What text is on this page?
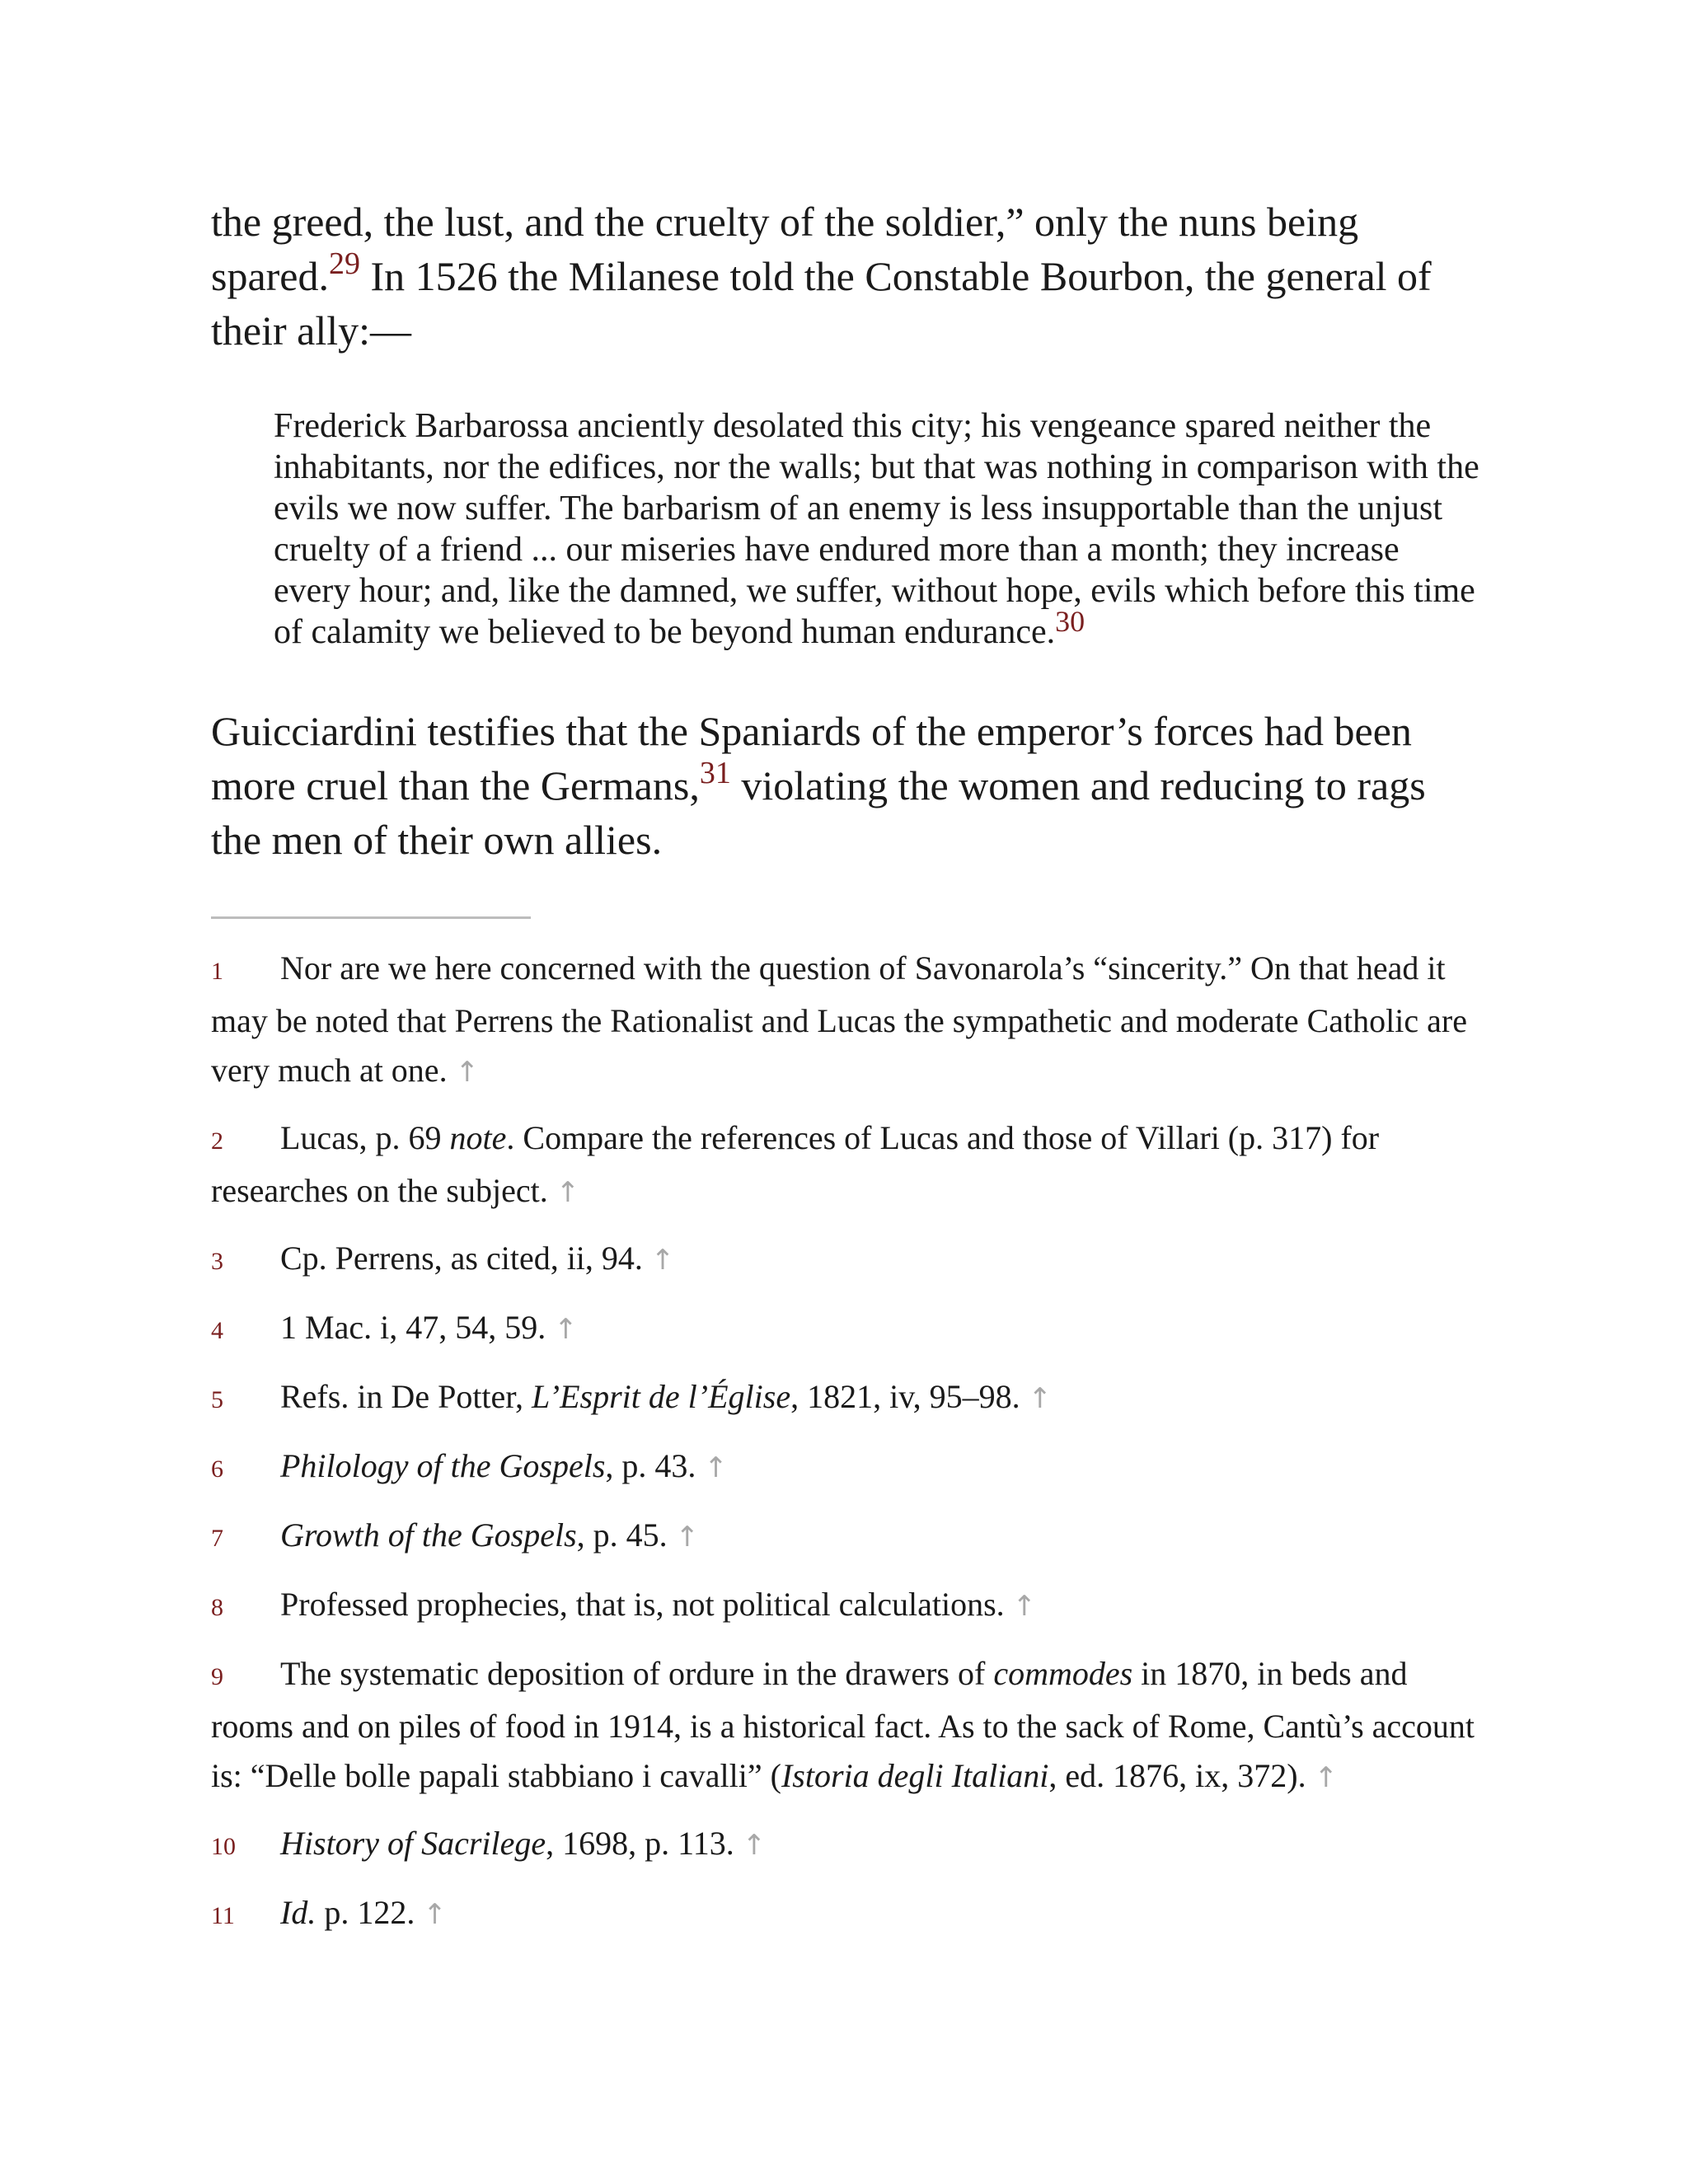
the greed, the lust, and the cruelty of the soldier,” only the nuns being spared.$^{29}$ In 1526 the Milanese told the Constable Bourbon, the general of their ally:—

Frederick Barbarossa anciently desolated this city; his vengeance spared neither the inhabitants, nor the edifices, nor the walls; but that was nothing in comparison with the evils we now suffer. The barbarism of an enemy is less insupportable than the unjust cruelty of a friend ... our miseries have endured more than a month; they increase every hour; and, like the damned, we suffer, without hope, evils which before this time of calamity we believed to be beyond human endurance.30

Guicciardini testifies that the Spaniards of the emperor’s forces had been more cruel than the Germans,$^{31}$ violating the women and reducing to rags the men of their own allies.

1 Nor are we here concerned with the question of Savonarola’s “sincerity.” On that head it may be noted that Perrens the Rationalist and Lucas the sympathetic and moderate Catholic are very much at one. ↑

2 Lucas, p. 69 note. Compare the references of Lucas and those of Villari (p. 317) for researches on the subject. ↑

3 Cp. Perrens, as cited, ii, 94. ↑

4 1 Mac. i, 47, 54, 59. ↑

5 Refs. in De Potter, L’Esprit de l’Église, 1821, iv, 95–98. ↑

6 Philology of the Gospels, p. 43. ↑

7 Growth of the Gospels, p. 45. ↑

8 Professed prophecies, that is, not political calculations. ↑

9 The systematic deposition of ordure in the drawers of commodes in 1870, in beds and rooms and on piles of food in 1914, is a historical fact. As to the sack of Rome, Cantù’s account is: “Delle bolle papali stabbiano i cavalli” (Istoria degli Italiani, ed. 1876, ix, 372). ↑

10 History of Sacrilege, 1698, p. 113. ↑

11 Id. p. 122. ↑
